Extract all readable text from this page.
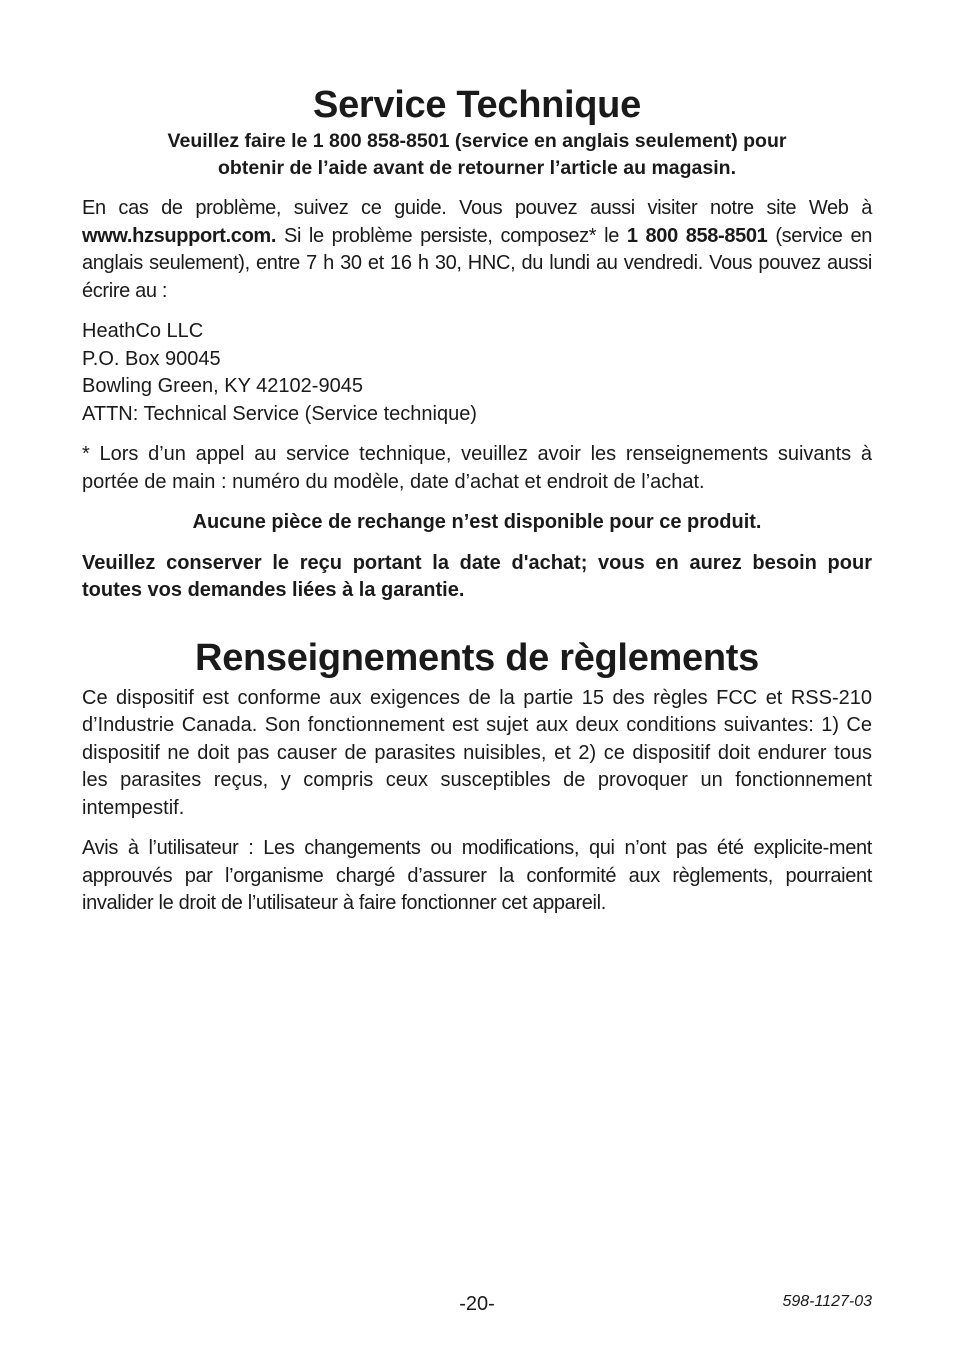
Service Technique
Veuillez faire le 1 800 858-8501 (service en anglais seulement) pour
obtenir de l’aide avant de retourner l’article au magasin.

En cas de problème, suivez ce guide. Vous pouvez aussi visiter notre site Web à www.hzsupport.com. Si le problème persiste, composez* le 1 800 858-8501 (service en anglais seulement), entre 7 h 30 et 16 h 30, HNC, du lundi au vendredi. Vous pouvez aussi écrire au :

HeathCo LLC
P.O. Box 90045
Bowling Green, KY 42102-9045
ATTN: Technical Service (Service technique)

* Lors d’un appel au service technique, veuillez avoir les renseignements suivants à portée de main : numéro du modèle, date d’achat et endroit de l’achat.

Aucune pièce de rechange n’est disponible pour ce produit.

Veuillez conserver le reçu portant la date d'achat; vous en aurez besoin pour toutes vos demandes liées à la garantie.

Renseignements de règlements

Ce dispositif est conforme aux exigences de la partie 15 des règles FCC et RSS-210 d’Industrie Canada. Son fonctionnement est sujet aux deux conditions suivantes: 1) Ce dispositif ne doit pas causer de parasites nuisibles, et 2) ce dispositif doit endurer tous les parasites reçus, y compris ceux susceptibles de provoquer un fonctionnement intempestif.

Avis à l’utilisateur : Les changements ou modifications, qui n’ont pas été explicite-ment approuvés par l’organisme chargé d’assurer la conformité aux règlements, pourraient invalider le droit de l’utilisateur à faire fonctionner cet appareil.

-20-	598-1127-03
